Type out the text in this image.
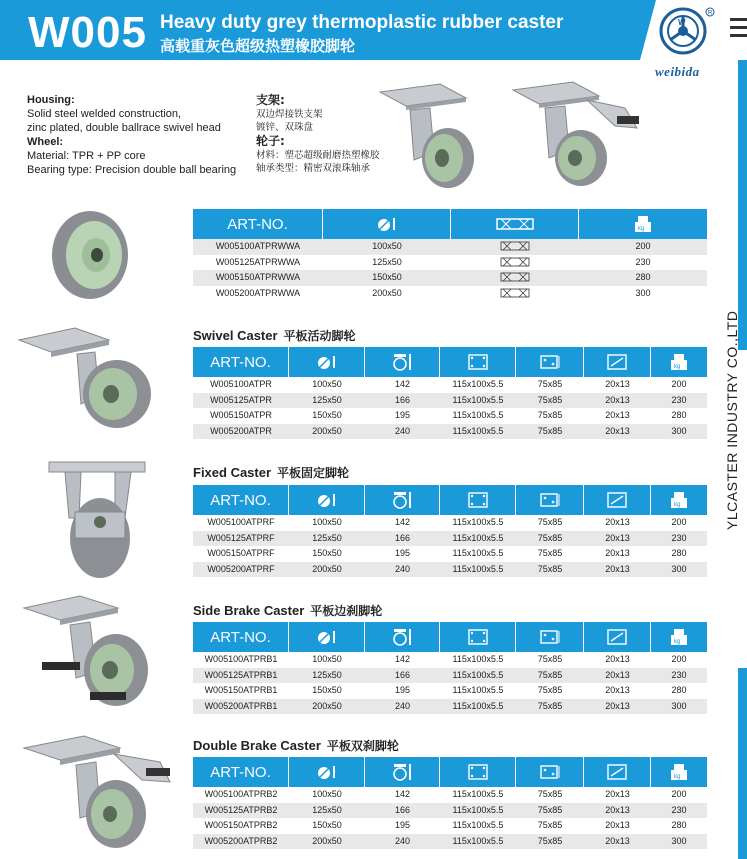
W005 Heavy duty grey thermoplastic rubber caster
高载重灰色超级热塑橡胶脚轮
W
R
weibida
YLCASTER INDUSTRY CO.,LTD
Housing:
Solid steel welded construction,
zinc plated, double ballrace swivel head
Wheel:
Material: TPR + PP core
Bearing type: Precision double ball bearing
支架:
双边焊接铁支架
镀锌、双珠盘
轮子:
材料：塑芯超级耐磨热塑橡胶
轴承类型：精密双滚珠轴承
ART-NO.	kg
W005100ATPRWWA	100x50	200
W005125ATPRWWA	125x50	230
W005150ATPRWWA	150x50	280
W005200ATPRWWA	200x50	300
Swivel Caster 平板活动脚轮
ART-NO.	kg
W005100ATPR	100x50	142	115x100x5.5	75x85	20x13	200
W005125ATPR	125x50	166	115x100x5.5	75x85	20x13	230
W005150ATPR	150x50	195	115x100x5.5	75x85	20x13	280
W005200ATPR	200x50	240	115x100x5.5	75x85	20x13	300
Fixed Caster 平板固定脚轮
ART-NO.	kg
W005100ATPRF	100x50	142	115x100x5.5	75x85	20x13	200
W005125ATPRF	125x50	166	115x100x5.5	75x85	20x13	230
W005150ATPRF	150x50	195	115x100x5.5	75x85	20x13	280
W005200ATPRF	200x50	240	115x100x5.5	75x85	20x13	300
Side Brake Caster 平板边刹脚轮
ART-NO.	kg
W005100ATPRB1	100x50	142	115x100x5.5	75x85	20x13	200
W005125ATPRB1	125x50	166	115x100x5.5	75x85	20x13	230
W005150ATPRB1	150x50	195	115x100x5.5	75x85	20x13	280
W005200ATPRB1	200x50	240	115x100x5.5	75x85	20x13	300
Double Brake Caster 平板双刹脚轮
ART-NO.	kg
W005100ATPRB2	100x50	142	115x100x5.5	75x85	20x13	200
W005125ATPRB2	125x50	166	115x100x5.5	75x85	20x13	230
W005150ATPRB2	150x50	195	115x100x5.5	75x85	20x13	280
W005200ATPRB2	200x50	240	115x100x5.5	75x85	20x13	300
